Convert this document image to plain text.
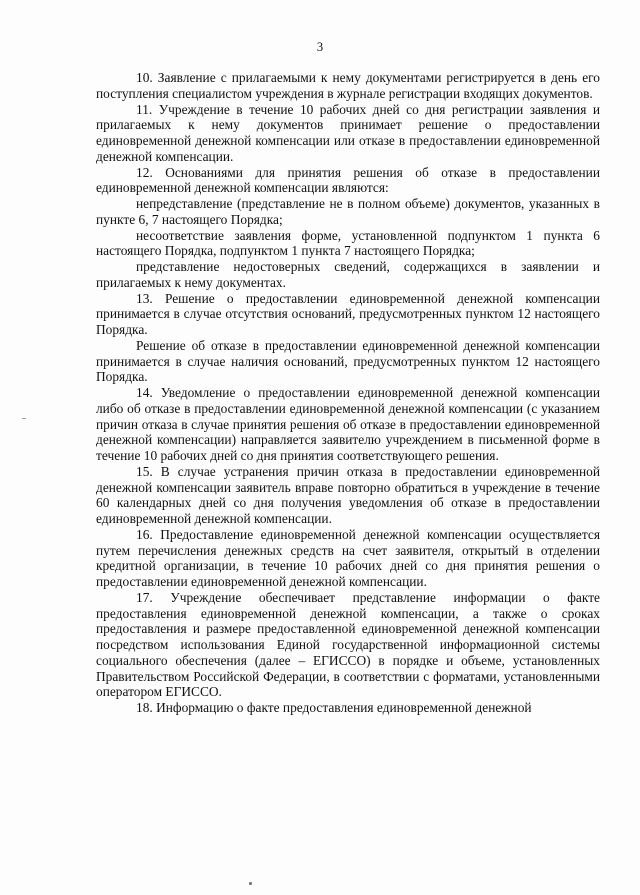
3

10. Заявление с прилагаемыми к нему документами регистрируется в день его поступления специалистом учреждения в журнале регистрации входящих документов.

11. Учреждение в течение 10 рабочих дней со дня регистрации заявления и прилагаемых к нему документов принимает решение о предоставлении единовременной денежной компенсации или отказе в предоставлении единовременной денежной компенсации.

12. Основаниями для принятия решения об отказе в предоставлении единовременной денежной компенсации являются:

непредставление (представление не в полном объеме) документов, указанных в пункте 6, 7 настоящего Порядка;

несоответствие заявления форме, установленной подпунктом 1 пункта 6 настоящего Порядка, подпунктом 1 пункта 7 настоящего Порядка;

представление недостоверных сведений, содержащихся в заявлении и прилагаемых к нему документах.

13. Решение о предоставлении единовременной денежной компенсации принимается в случае отсутствия оснований, предусмотренных пунктом 12 настоящего Порядка.

Решение об отказе в предоставлении единовременной денежной компенсации принимается в случае наличия оснований, предусмотренных пунктом 12 настоящего Порядка.

14. Уведомление о предоставлении единовременной денежной компенсации либо об отказе в предоставлении единовременной денежной компенсации (с указанием причин отказа в случае принятия решения об отказе в предоставлении единовременной денежной компенсации) направляется заявителю учреждением в письменной форме в течение 10 рабочих дней со дня принятия соответствующего решения.

15. В случае устранения причин отказа в предоставлении единовременной денежной компенсации заявитель вправе повторно обратиться в учреждение в течение 60 календарных дней со дня получения уведомления об отказе в предоставлении единовременной денежной компенсации.

16. Предоставление единовременной денежной компенсации осуществляется путем перечисления денежных средств на счет заявителя, открытый в отделении кредитной организации, в течение 10 рабочих дней со дня принятия решения о предоставлении единовременной денежной компенсации.

17. Учреждение обеспечивает представление информации о факте предоставления единовременной денежной компенсации, а также о сроках предоставления и размере предоставленной единовременной денежной компенсации посредством использования Единой государственной информационной системы социального обеспечения (далее – ЕГИССО) в порядке и объеме, установленных Правительством Российской Федерации, в соответствии с форматами, установленными оператором ЕГИССО.

18. Информацию о факте предоставления единовременной денежной
